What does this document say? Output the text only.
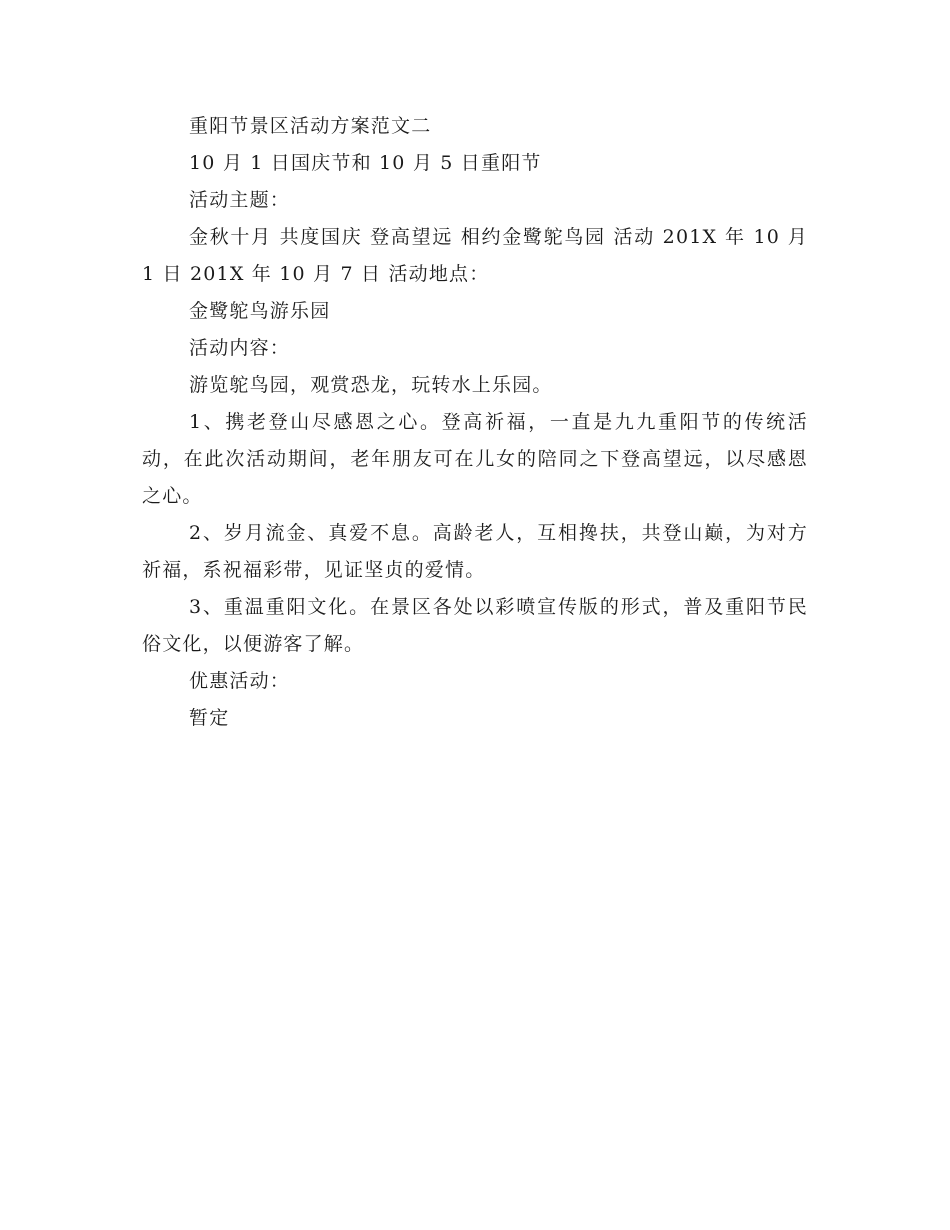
重阳节景区活动方案范文二

10 月 1 日国庆节和 10 月 5 日重阳节

活动主题：

金秋十月 共度国庆 登高望远 相约金鹭鸵鸟园 活动 201X 年 10 月 1 日 201X 年 10 月 7 日 活动地点：

金鹭鸵鸟游乐园

活动内容：

游览鸵鸟园，观赏恐龙，玩转水上乐园。

1、携老登山尽感恩之心。登高祈福，一直是九九重阳节的传统活动，在此次活动期间，老年朋友可在儿女的陪同之下登高望远，以尽感恩之心。

2、岁月流金、真爱不息。高龄老人，互相搀扶，共登山巅，为对方祈福，系祝福彩带，见证坚贞的爱情。

3、重温重阳文化。在景区各处以彩喷宣传版的形式，普及重阳节民俗文化，以便游客了解。

优惠活动：

暂定
